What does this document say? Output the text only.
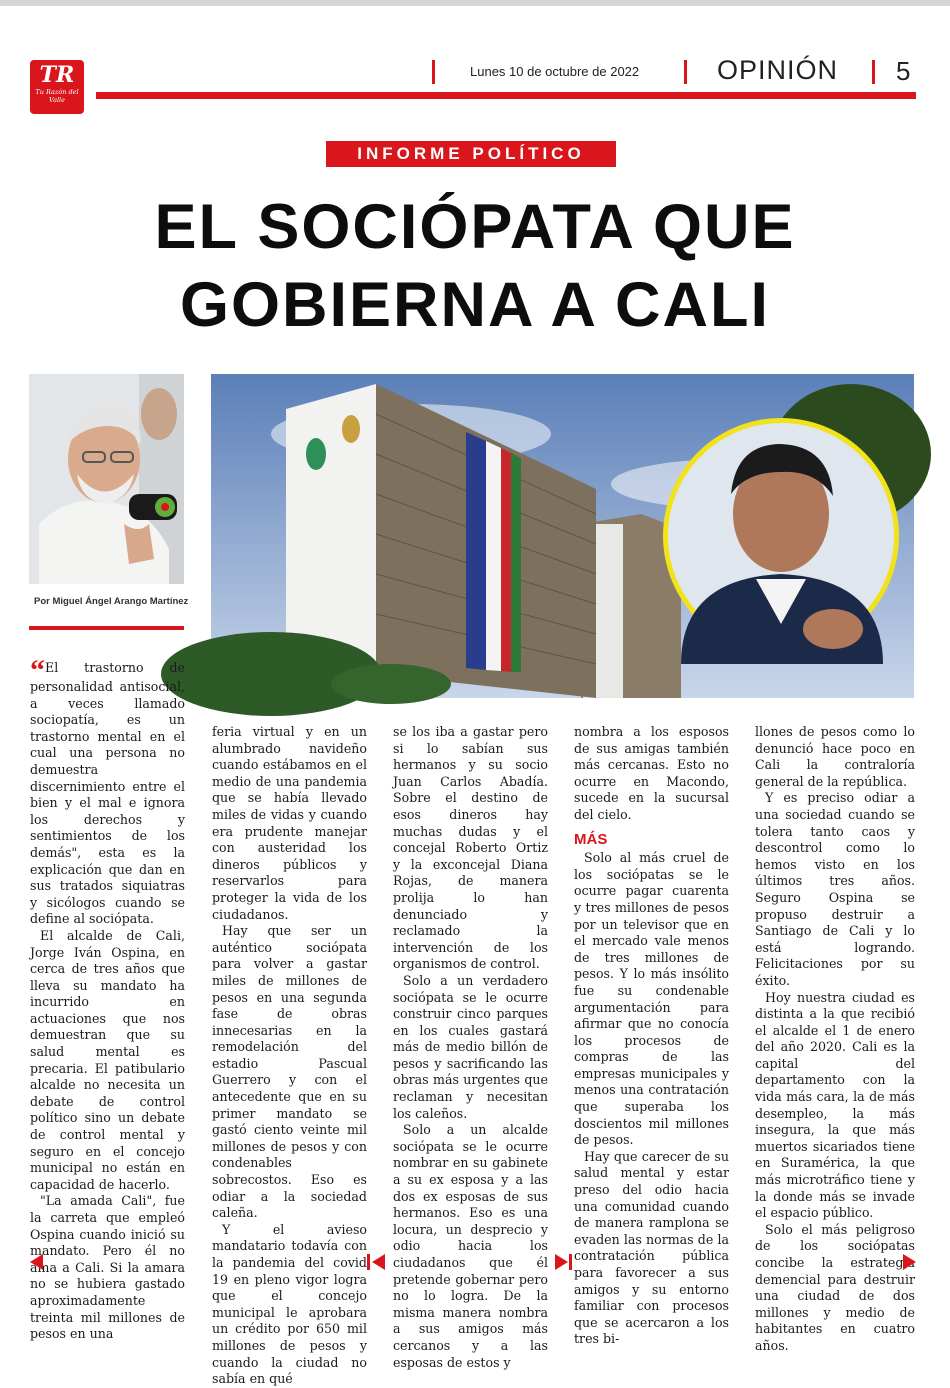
TR
Tu Razón del Valle
Lunes 10 de octubre de 2022	OPINIÓN 5
INFORME POLÍTICO
EL SOCIÓPATA QUE
GOBIERNA A CALI
Por Miguel Ángel Arango Martínez

“El trastorno de personalidad antisocial, a veces llamado sociopatía, es un trastorno mental en el cual una persona no demuestra discernimiento entre el bien y el mal e ignora los derechos y sentimientos de los demás", esta es la explicación que dan en sus tratados siquiatras y sicólogos cuando se define al sociópata.

El alcalde de Cali, Jorge Iván Ospina, en cerca de tres años que lleva su mandato ha incurrido en actuaciones que nos demuestran que su salud mental es precaria. El patibulario alcalde no necesita un debate de control político sino un debate de control mental y seguro en el concejo municipal no están en capacidad de hacerlo.

"La amada Cali", fue la carreta que empleó Ospina cuando inició su mandato. Pero él no ama a Cali. Si la amara no se hubiera gastado aproximadamente treinta mil millones de pesos en una

feria virtual y en un alumbrado navideño cuando estábamos en el medio de una pandemia que se había llevado miles de vidas y cuando era prudente manejar con austeridad los dineros públicos y reservarlos para proteger la vida de los ciudadanos.

Hay que ser un auténtico sociópata para volver a gastar miles de millones de pesos en una segunda fase de obras innecesarias en la remodelación del estadio Pascual Guerrero y con el antecedente que en su primer mandato se gastó ciento veinte mil millones de pesos y con condenables sobrecostos. Eso es odiar a la sociedad caleña.

Y el avieso mandatario todavía con la pandemia del covid 19 en pleno vigor logra que el concejo municipal le aprobara un crédito por 650 mil millones de pesos y cuando la ciudad no sabía en qué

se los iba a gastar pero si lo sabían sus hermanos y su socio Juan Carlos Abadía. Sobre el destino de esos dineros hay muchas dudas y el concejal Roberto Ortiz y la exconcejal Diana Rojas, de manera prolija lo han denunciado y reclamado la intervención de los organismos de control.

Solo a un verdadero sociópata se le ocurre construir cinco parques en los cuales gastará más de medio billón de pesos y sacrificando las obras más urgentes que reclaman y necesitan los caleños.

Solo a un alcalde sociópata se le ocurre nombrar en su gabinete a su ex esposa y a las dos ex esposas de sus hermanos. Eso es una locura, un desprecio y odio hacia los ciudadanos que él pretende gobernar pero no lo logra. De la misma manera nombra a sus amigos más cercanos y a las esposas de estos y

nombra a los esposos de sus amigas también más cercanas. Esto no ocurre en Macondo, sucede en la sucursal del cielo.

MÁS

Solo al más cruel de los sociópatas se le ocurre pagar cuarenta y tres millones de pesos por un televisor que en el mercado vale menos de tres millones de pesos. Y lo más insólito fue su condenable argumentación para afirmar que no conocía los procesos de compras de las empresas municipales y menos una contratación que superaba los doscientos mil millones de pesos.

Hay que carecer de su salud mental y estar preso del odio hacia una comunidad cuando de manera ramplona se evaden las normas de la contratación pública para favorecer a sus amigos y su entorno familiar con procesos que se acercaron a los tres bi-

llones de pesos como lo denunció hace poco en Cali la contraloría general de la república.

Y es preciso odiar a una sociedad cuando se tolera tanto caos y descontrol como lo hemos visto en los últimos tres años. Seguro Ospina se propuso destruir a Santiago de Cali y lo está logrando. Felicitaciones por su éxito.

Hoy nuestra ciudad es distinta a la que recibió el alcalde el 1 de enero del año 2020. Cali es la capital del departamento con la vida más cara, la de más desempleo, la más insegura, la que más muertos sicariados tiene en Suramérica, la que más microtráfico tiene y la donde más se invade el espacio público.

Solo el más peligroso de los sociópatas concibe la estrategia demencial para destruir una ciudad de dos millones y medio de habitantes en cuatro años.
